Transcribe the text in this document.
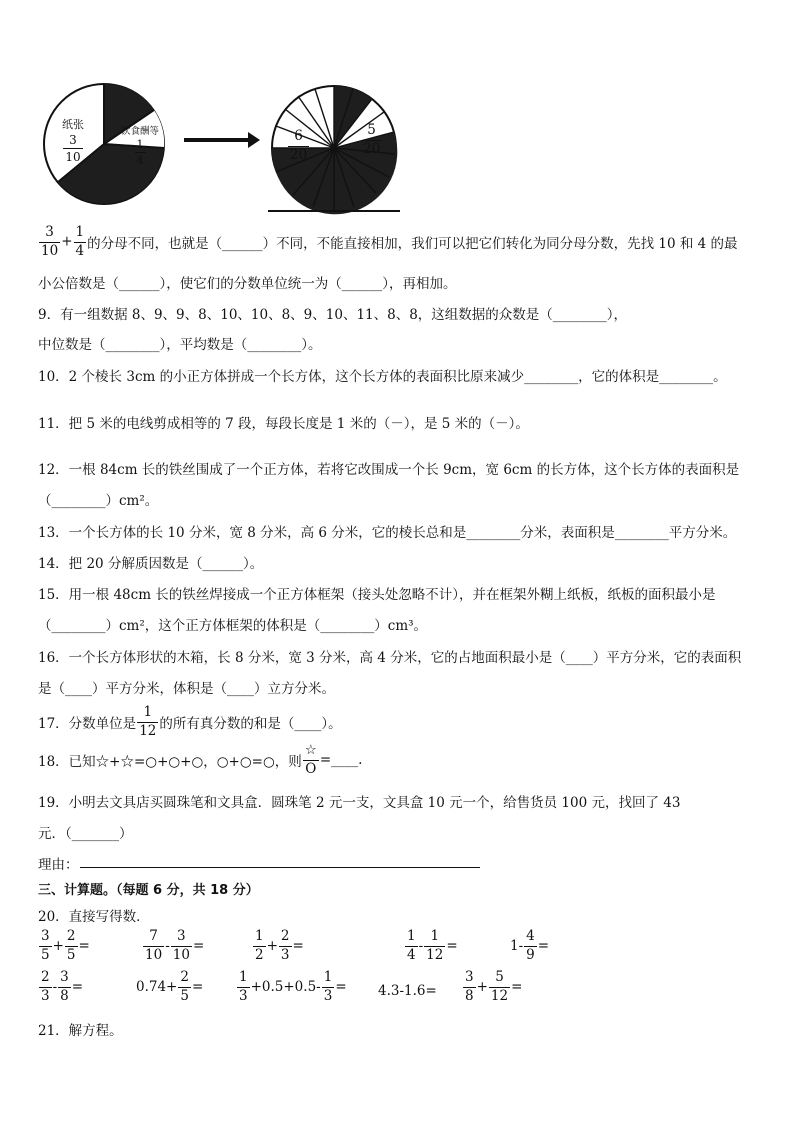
纸张
$\frac{3}{10}$
饮食酬等
$\frac{1}{4}$	$\frac{6}{20}$	$\frac{5}{20}$
$\frac{3}{10} + \frac{1}{4}$ 的分母不同，也就是（______）不同，不能直接相加，我们可以把它们转化为同分母分数，先找 10 和 4 的最
小公倍数是（______），使它们的分数单位统一为（______），再相加。
9．有一组数据 8、9、9、8、10、10、8、9、10、11、8、8，这组数据的众数是（________），
中位数是（________），平均数是（________）。
10．2 个棱长 3cm 的小正方体拼成一个长方体，这个长方体的表面积比原来减少________，它的体积是________。
11．把 5 米的电线剪成相等的 7 段，每段长度是 1 米的（－），是 5 米的（－）。
12．一根 84cm 长的铁丝围成了一个正方体，若将它改围成一个长 9cm，宽 6cm 的长方体，这个长方体的表面积是
（________）cm²。
13．一个长方体的长 10 分米，宽 8 分米，高 6 分米，它的棱长总和是________分米，表面积是________平方分米。
14．把 20 分解质因数是（______）。
15．用一根 48cm 长的铁丝焊接成一个正方体框架（接头处忽略不计），并在框架外糊上纸板，纸板的面积最小是
（________）cm²，这个正方体框架的体积是（________）cm³。
16．一个长方体形状的木箱，长 8 分米，宽 3 分米，高 4 分米，它的占地面积最小是（____）平方分米，它的表面积
是（____）平方分米，体积是（____）立方分米。
17．分数单位是 $\frac{1}{12}$ 的所有真分数的和是（____）。
18．已知☆+☆=○+○+○，○+○=○，则 $\frac{☆}{O}$ =____.
19．小明去文具店买圆珠笔和文具盒．圆珠笔 2 元一支，文具盒 10 元一个，给售货员 100 元，找回了 43
元．（_______）
理由：
三、计算题。（每题 6 分，共 18 分）
20．直接写得数．
$\frac{3}{5} + \frac{2}{5}$ =	$\frac{7}{10} - \frac{3}{10}$ =	$\frac{1}{2} + \frac{2}{3}$ =	$\frac{1}{4} - \frac{1}{12}$ =	$1- \frac{4}{9}$ =
$\frac{2}{3} - \frac{3}{8}$ =	$0.74+ \frac{2}{5} = \frac{1}{3} +0.5+0.5- \frac{1}{3} = 4.3-1.6= \frac{3}{8} + \frac{5}{12}$ =
21．解方程。
